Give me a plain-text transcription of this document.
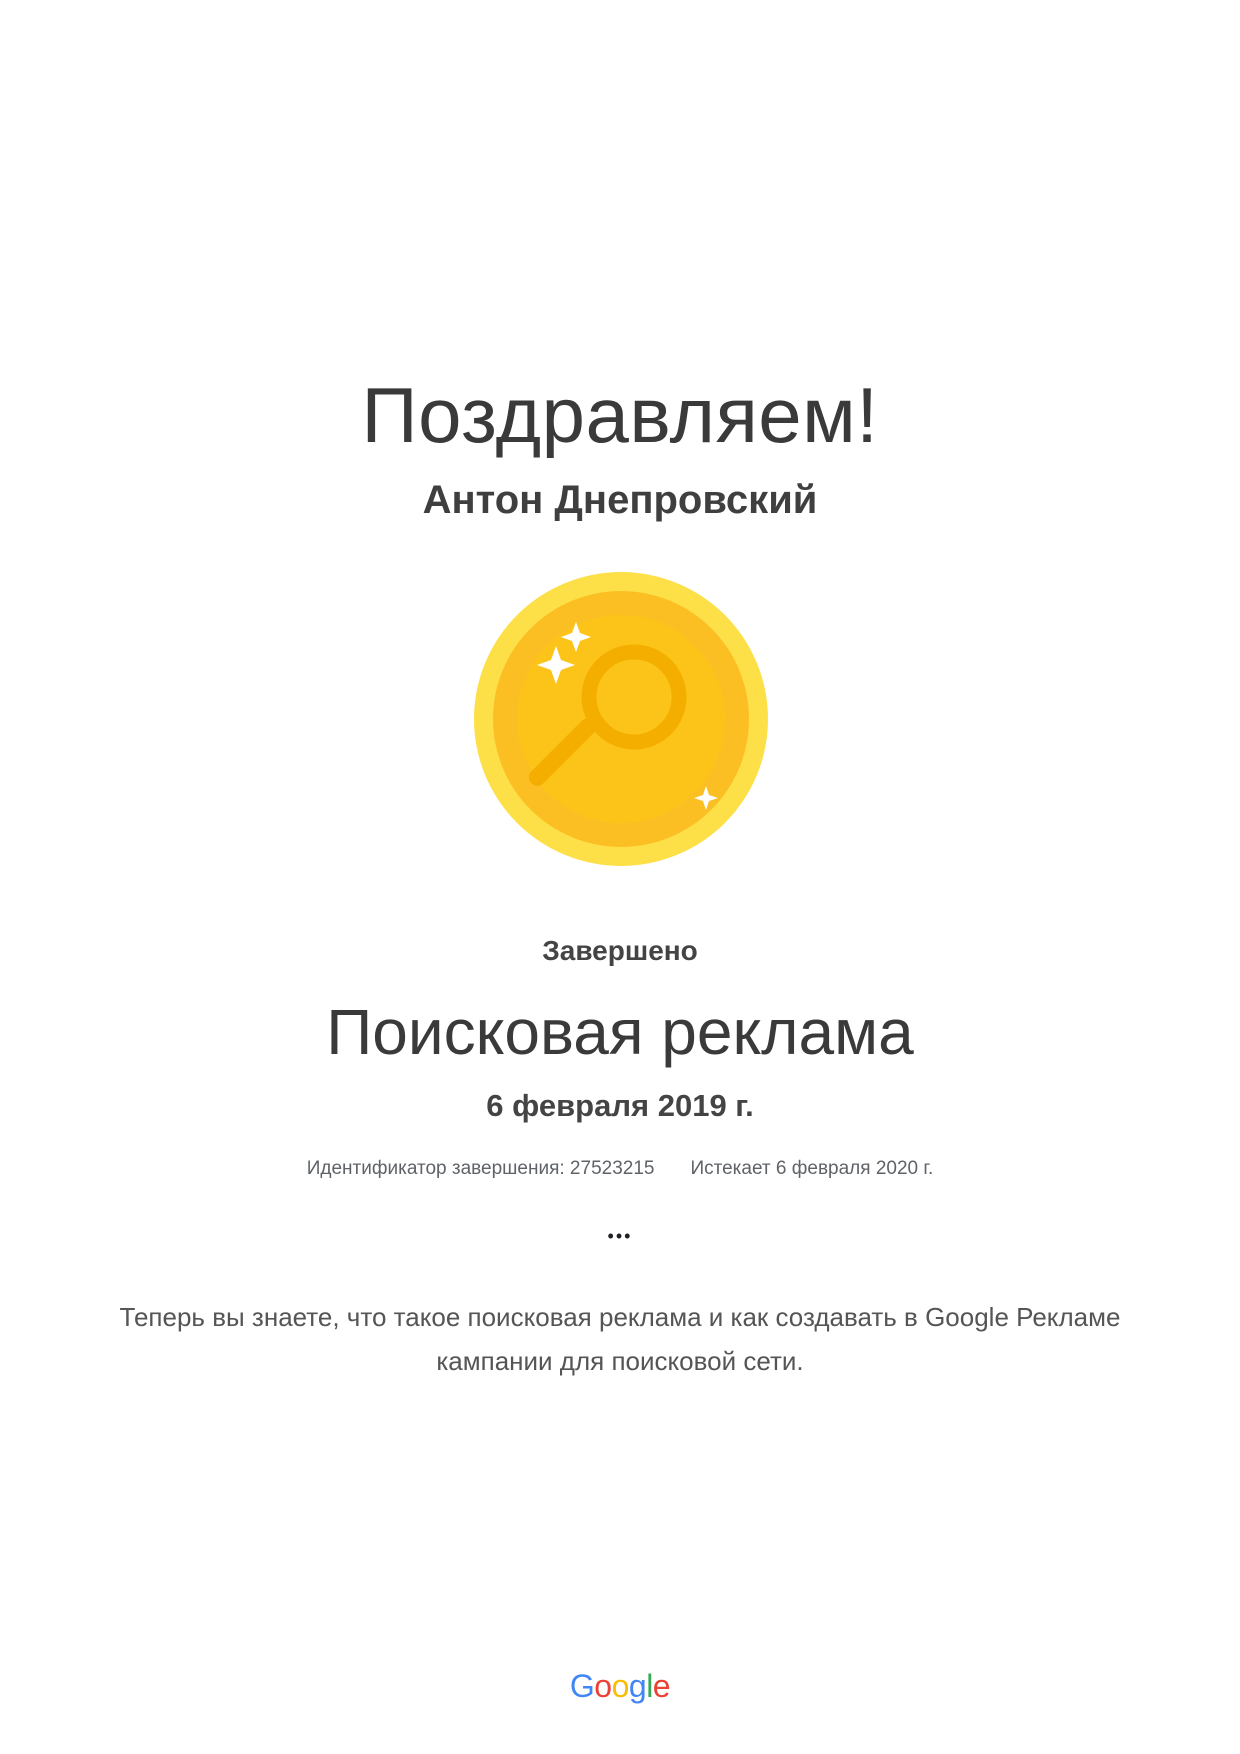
Поздравляем!
Антон Днепровский
Завершено
Поисковая реклама
6 февраля 2019 г.
Идентификатор завершения: 27523215 Истекает 6 февраля 2020 г.
•••
Теперь вы знаете, что такое поисковая реклама и как создавать в Google Рекламе кампании для поисковой сети.
Google
